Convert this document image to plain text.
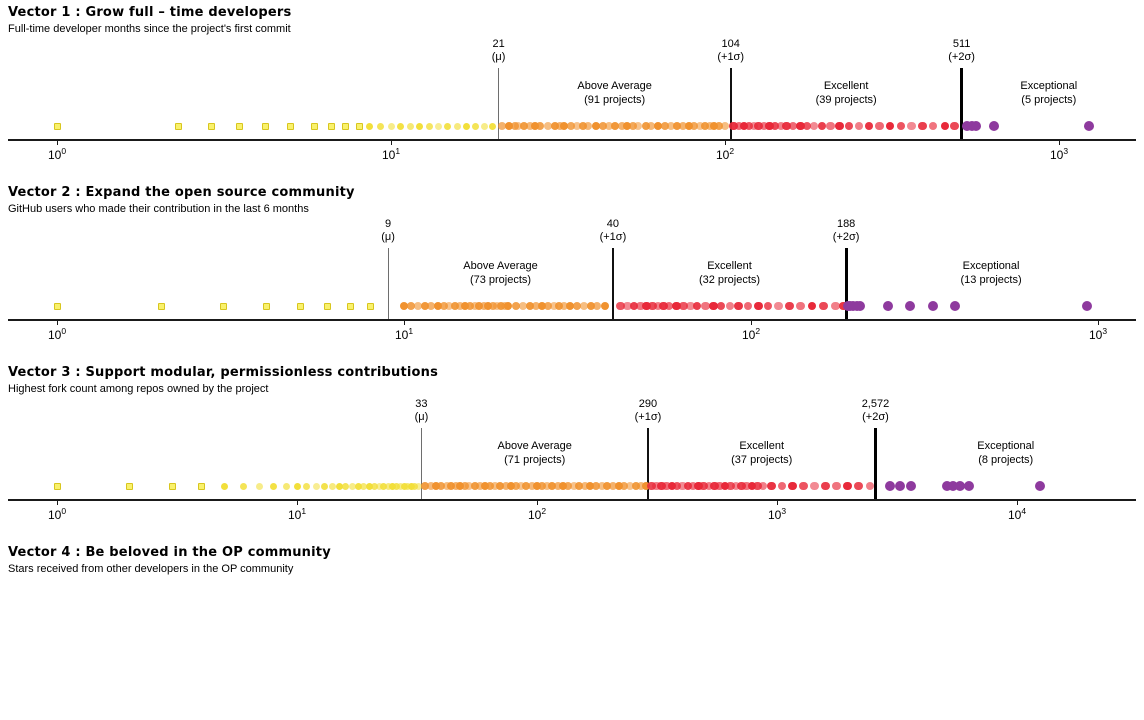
Vector 1 : Grow full – time developers
Full-time developer months since the project's first commit
21
(μ)
104
(+1σ)
511
(+2σ)
Above Average
(91 projects)
Excellent
(39 projects)
Exceptional
(5 projects)
$10^0$	$10^1$	$10^2$	$10^3$
Vector 2 : Expand the open source community
GitHub users who made their contribution in the last 6 months
9
(μ)
40
(+1σ)
188
(+2σ)
Above Average
(73 projects)
Excellent
(32 projects)
Exceptional
(13 projects)
$10^0$	$10^1$	$10^2$	$10^3$
Vector 3 : Support modular, permissionless contributions
Highest fork count among repos owned by the project
33
(μ)
290
(+1σ)
2,572
(+2σ)
Above Average
(71 projects)
Excellent
(37 projects)
Exceptional
(8 projects)
$10^0$	$10^1$	$10^2$	$10^3$	$10^4$
Vector 4 : Be beloved in the OP community
Stars received from other developers in the OP community
